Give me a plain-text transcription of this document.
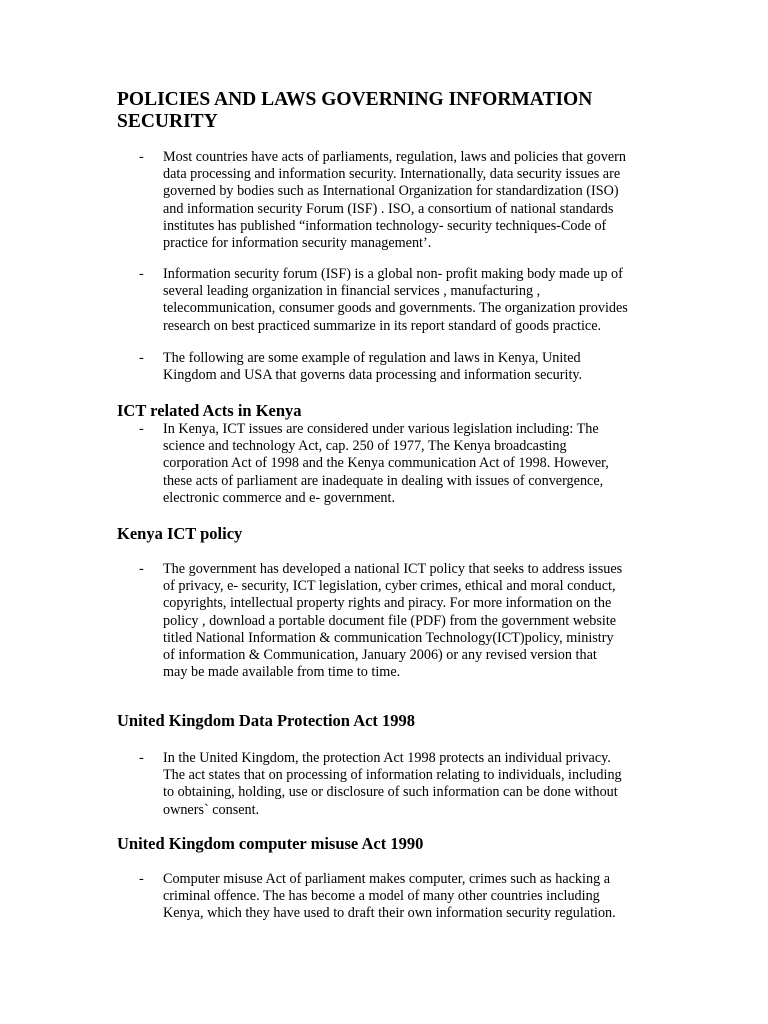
POLICIES AND LAWS GOVERNING INFORMATION SECURITY
-	Most countries have acts of parliaments, regulation, laws and policies that govern
data processing and information security. Internationally, data security issues are
governed by bodies such as International Organization for standardization (ISO)
and information security Forum (ISF) . ISO, a consortium of national standards
institutes has published “information technology- security techniques-Code of
practice for information security management’.
-	Information security forum (ISF) is a global non- profit making body made up of
several leading organization in financial services , manufacturing ,
telecommunication, consumer goods and governments. The organization provides
research on best practiced summarize in its report standard of goods practice.
-	The following are some example of regulation and laws in Kenya, United
Kingdom and USA that governs data processing and information security.
ICT related Acts in Kenya
-	In Kenya, ICT issues are considered under various legislation including: The
science and technology Act, cap. 250 of 1977, The Kenya broadcasting
corporation Act of 1998 and the Kenya communication Act of 1998. However,
these acts of parliament are inadequate in dealing with issues of convergence,
electronic commerce and e- government.
Kenya ICT policy
-	The government has developed a national ICT policy that seeks to address issues
of privacy, e- security, ICT legislation, cyber crimes, ethical and moral conduct,
copyrights, intellectual property rights and piracy. For more information on the
policy , download a portable document file (PDF) from the government website
titled National Information & communication Technology(ICT)policy, ministry
of information & Communication, January 2006) or any revised version that
may be made available from time to time.
United Kingdom Data Protection Act 1998
-	In the United Kingdom, the protection Act 1998 protects an individual privacy.
The act states that on processing of information relating to individuals, including
to obtaining, holding, use or disclosure of such information can be done without
owners` consent.
United Kingdom computer misuse Act 1990
-	Computer misuse Act of parliament makes computer, crimes such as hacking a
criminal offence. The has become a model of many other countries including
Kenya, which they have used to draft their own information security regulation.
